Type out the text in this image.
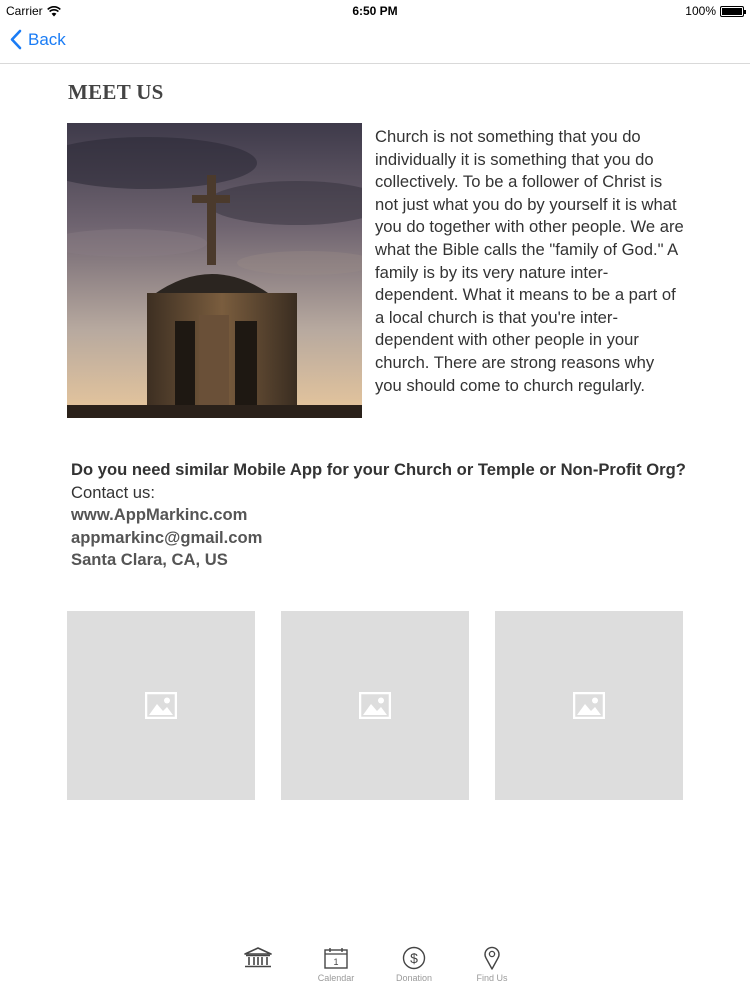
Carrier	6:50 PM	100%
Back
MEET US
Church is not something that you do individually it is something that you do collectively. To be a follower of Christ is not just what you do by yourself it is what you do together with other people. We are what the Bible calls the "family of God." A family is by its very nature inter-dependent. What it means to be a part of a local church is that you're inter-dependent with other people in your church. There are strong reasons why you should come to church regularly.
Do you need similar Mobile App for your Church or Temple or Non-Profit Org?
Contact us:
www.AppMarkinc.com
appmarkinc@gmail.com
Santa Clara, CA, US
1
Calendar
$
Donation	Find Us
